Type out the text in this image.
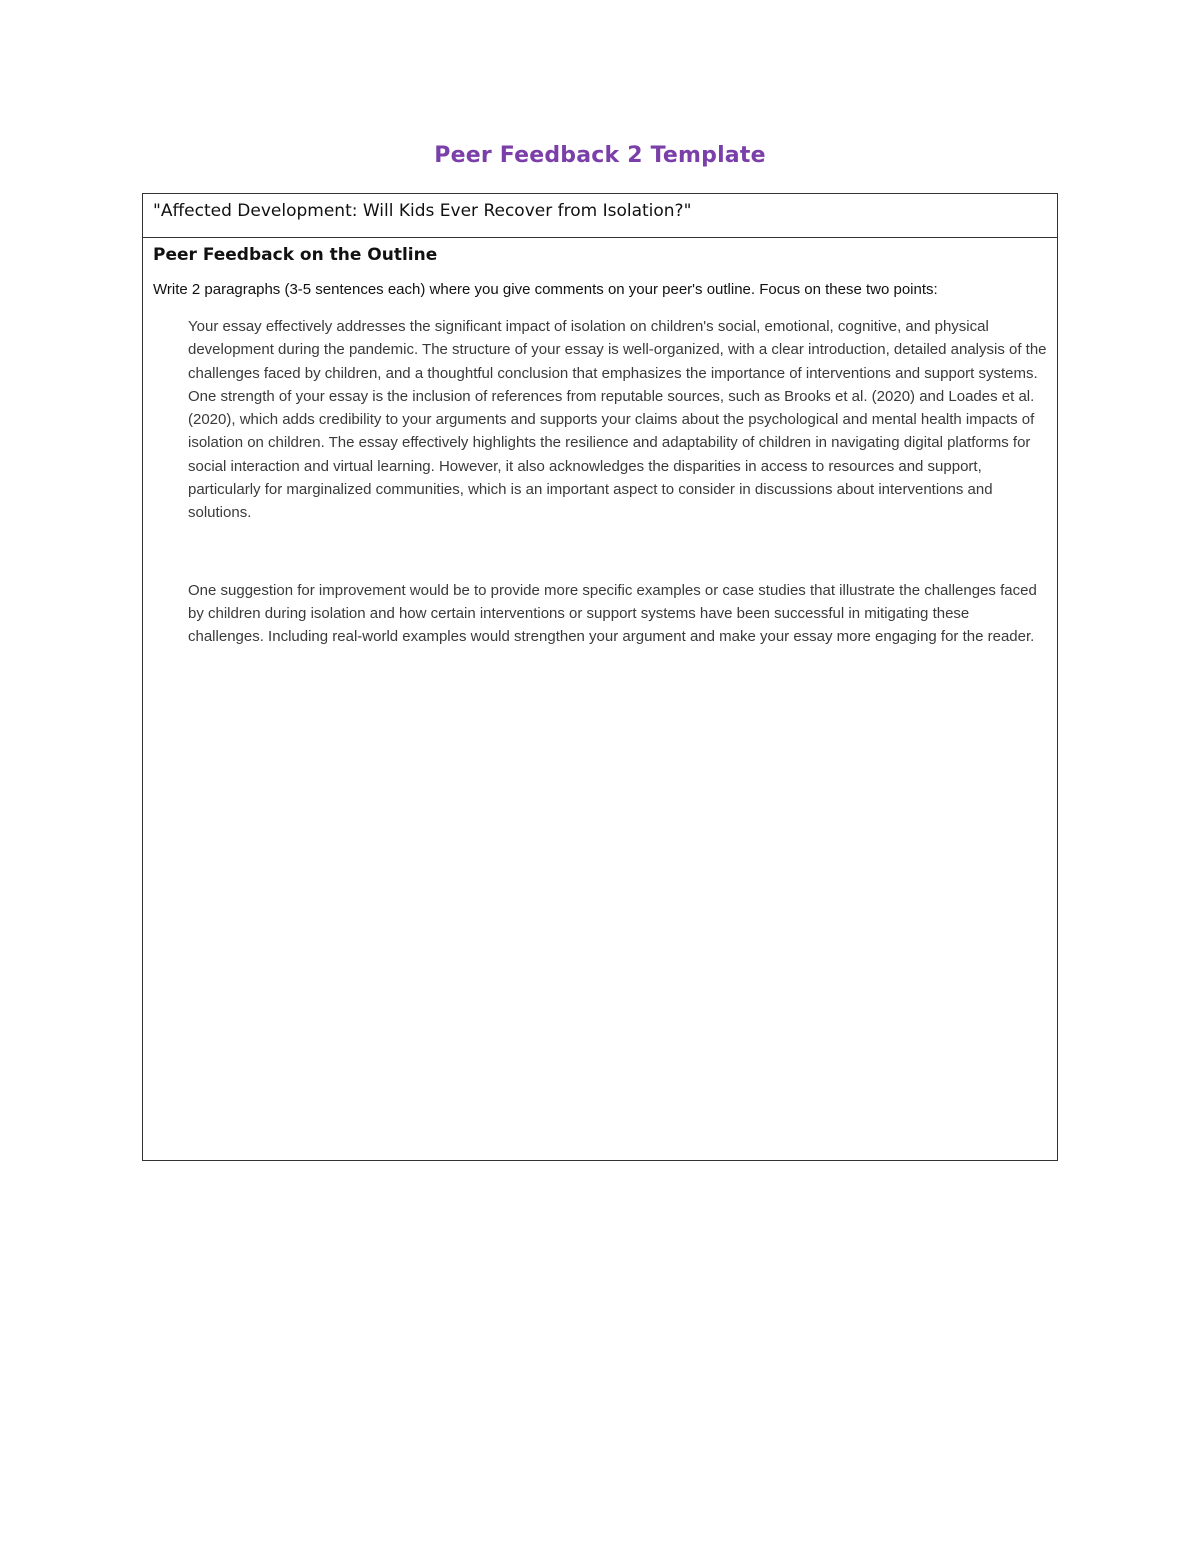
Peer Feedback 2 Template
"Affected Development: Will Kids Ever Recover from Isolation?"
Peer Feedback on the Outline
Write 2 paragraphs (3-5 sentences each) where you give comments on your peer's outline. Focus on these two points:
Your essay effectively addresses the significant impact of isolation on children's social, emotional, cognitive, and physical development during the pandemic. The structure of your essay is well-organized, with a clear introduction, detailed analysis of the challenges faced by children, and a thoughtful conclusion that emphasizes the importance of interventions and support systems. One strength of your essay is the inclusion of references from reputable sources, such as Brooks et al. (2020) and Loades et al. (2020), which adds credibility to your arguments and supports your claims about the psychological and mental health impacts of isolation on children. The essay effectively highlights the resilience and adaptability of children in navigating digital platforms for social interaction and virtual learning. However, it also acknowledges the disparities in access to resources and support, particularly for marginalized communities, which is an important aspect to consider in discussions about interventions and solutions.
One suggestion for improvement would be to provide more specific examples or case studies that illustrate the challenges faced by children during isolation and how certain interventions or support systems have been successful in mitigating these challenges. Including real-world examples would strengthen your argument and make your essay more engaging for the reader.
